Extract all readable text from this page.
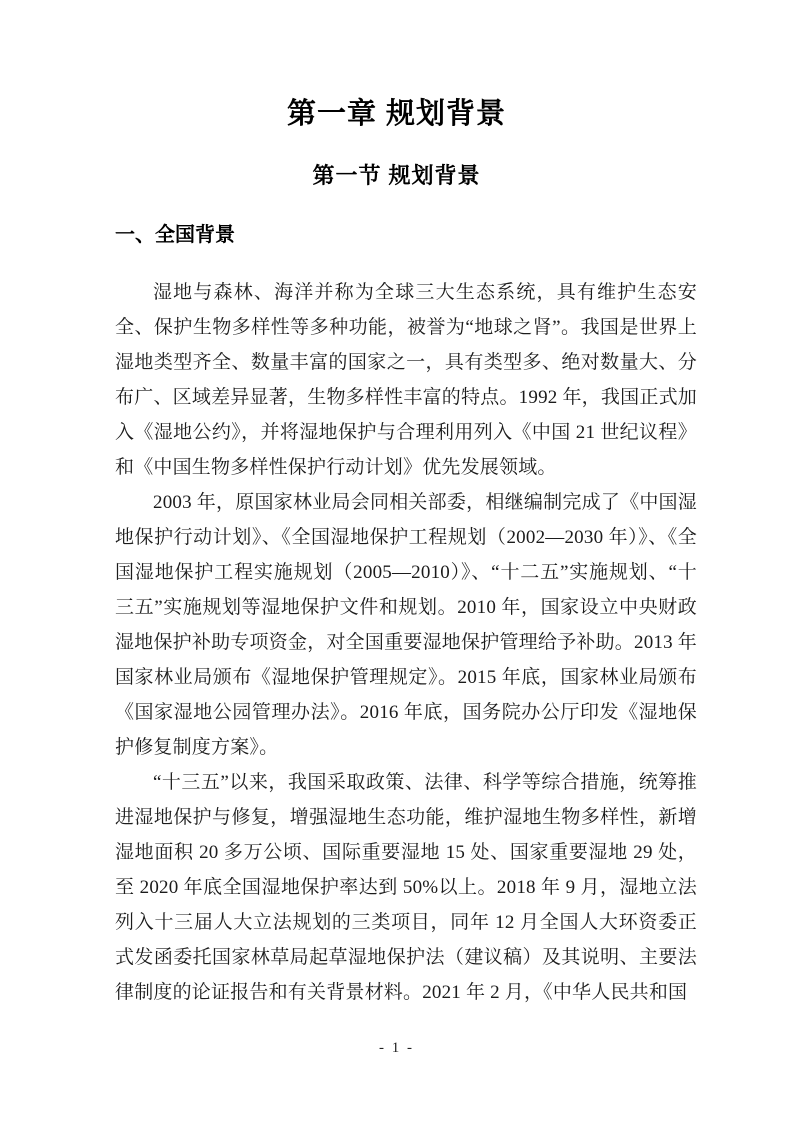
第一章 规划背景
第一节 规划背景
一、全国背景

湿地与森林、海洋并称为全球三大生态系统，具有维护生态安全、保护生物多样性等多种功能，被誉为“地球之肾”。我国是世界上湿地类型齐全、数量丰富的国家之一，具有类型多、绝对数量大、分布广、区域差异显著，生物多样性丰富的特点。1992 年，我国正式加入《湿地公约》，并将湿地保护与合理利用列入《中国 21 世纪议程》和《中国生物多样性保护行动计划》优先发展领域。

2003 年，原国家林业局会同相关部委，相继编制完成了《中国湿地保护行动计划》、《全国湿地保护工程规划（2002—2030 年）》、《全国湿地保护工程实施规划（2005—2010）》、“十二五”实施规划、“十三五”实施规划等湿地保护文件和规划。2010 年，国家设立中央财政湿地保护补助专项资金，对全国重要湿地保护管理给予补助。2013 年国家林业局颁布《湿地保护管理规定》。2015 年底，国家林业局颁布《国家湿地公园管理办法》。2016 年底，国务院办公厅印发《湿地保护修复制度方案》。

“十三五”以来，我国采取政策、法律、科学等综合措施，统筹推进湿地保护与修复，增强湿地生态功能，维护湿地生物多样性，新增湿地面积 20 多万公顷、国际重要湿地 15 处、国家重要湿地 29 处，至 2020 年底全国湿地保护率达到 50%以上。2018 年 9 月，湿地立法列入十三届人大立法规划的三类项目，同年 12 月全国人大环资委正式发函委托国家林草局起草湿地保护法（建议稿）及其说明、主要法律制度的论证报告和有关背景材料。2021 年 2 月，《中华人民共和国

- 1 -
